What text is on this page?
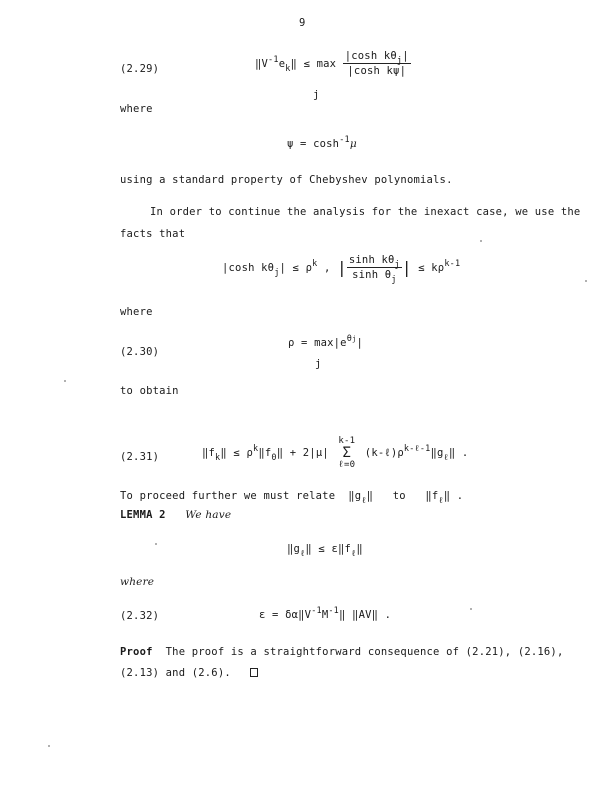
9
(2.29)	$‖V^{-1}e_k‖ \le \max \frac{|\cosh k\theta_j|}{\text{|cosh kψ|}}$
j
where
$\psi = \cosh^{-1}\mu$
using a standard property of Chebyshev polynomials.
In order to continue the analysis for the inexact case, we use the
facts that
|cosh $k\theta_j| \le \rho^k$ , | $\frac{\sinh k\theta_j}{\sinh \theta_j}$ | ≤ $k\rho^{k-1}$
where
(2.30)
$\rho = \max|e^{\theta j}|$
j
to obtain
(2.31)	$‖f_k‖$ ≤ $\rho^k‖f_0‖ + 2|\mu|$
k-1
Σ
ℓ=0
$(k-\ell)\rho^{k-\ell-1}‖g_\ell‖$ .
To proceed further we must relate $‖g_\ell‖$ to $‖f_\ell‖$ .
LEMMA 2 We have
$‖g_\ell‖$ ≤ $\varepsilon‖f_\ell‖$
where
(2.32)	$\varepsilon = \delta\alpha‖V^{-1}M^{-1}‖$ ‖AV‖ .
Proof The proof is a straightforward consequence of (2.21), (2.16),
(2.13) and (2.6).
